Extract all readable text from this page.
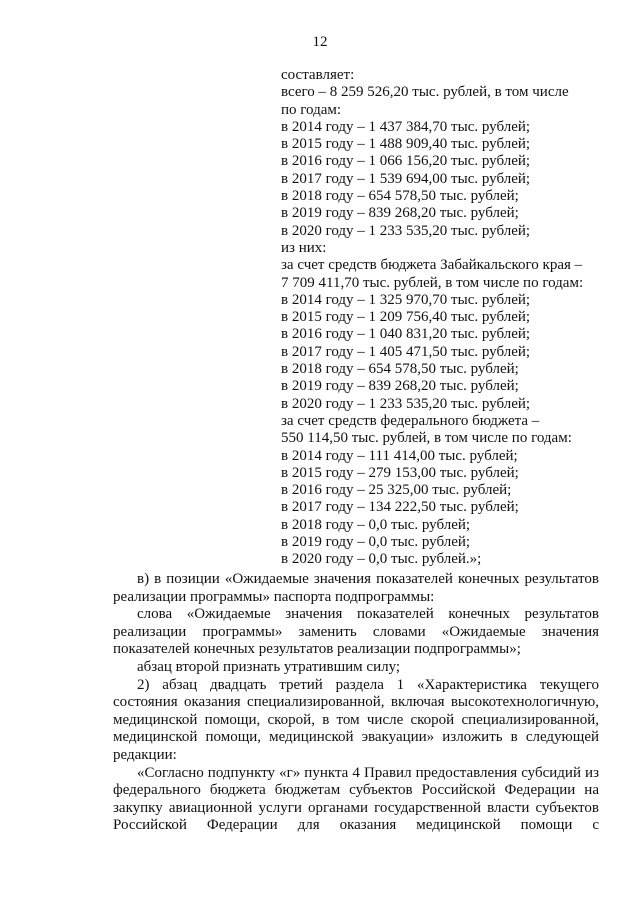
12
составляет:
всего – 8 259 526,20 тыс. рублей, в том числе
по годам:
в 2014 году – 1 437 384,70 тыс. рублей;
в 2015 году – 1 488 909,40 тыс. рублей;
в 2016 году – 1 066 156,20 тыс. рублей;
в 2017 году – 1 539 694,00 тыс. рублей;
в 2018 году – 654 578,50 тыс. рублей;
в 2019 году – 839 268,20 тыс. рублей;
в 2020 году – 1 233 535,20 тыс. рублей;
из них:
за счет средств бюджета Забайкальского края –
7 709 411,70 тыс. рублей, в том числе по годам:
в 2014 году – 1 325 970,70 тыс. рублей;
в 2015 году – 1 209 756,40 тыс. рублей;
в 2016 году – 1 040 831,20 тыс. рублей;
в 2017 году – 1 405 471,50 тыс. рублей;
в 2018 году – 654 578,50 тыс. рублей;
в 2019 году – 839 268,20 тыс. рублей;
в 2020 году – 1 233 535,20 тыс. рублей;
за счет средств федерального бюджета –
550 114,50 тыс. рублей, в том числе по годам:
в 2014 году – 111 414,00 тыс. рублей;
в 2015 году – 279 153,00 тыс. рублей;
в 2016 году – 25 325,00 тыс. рублей;
в 2017 году – 134 222,50 тыс. рублей;
в 2018 году – 0,0 тыс. рублей;
в 2019 году – 0,0 тыс. рублей;
в 2020 году – 0,0 тыс. рублей.»;

в) в позиции «Ожидаемые значения показателей конечных результатов реализации программы» паспорта подпрограммы:

слова «Ожидаемые значения показателей конечных результатов реализации программы» заменить словами «Ожидаемые значения показателей конечных результатов реализации подпрограммы»;

абзац второй признать утратившим силу;

2) абзац двадцать третий раздела 1 «Характеристика текущего состояния оказания специализированной, включая высокотехнологичную, медицинской помощи, скорой, в том числе скорой специализированной, медицинской помощи, медицинской эвакуации» изложить в следующей редакции:

«Согласно подпункту «г» пункта 4 Правил предоставления субсидий из федерального бюджета бюджетам субъектов Российской Федерации на закупку авиационной услуги органами государственной власти субъектов Российской Федерации для оказания медицинской помощи с
